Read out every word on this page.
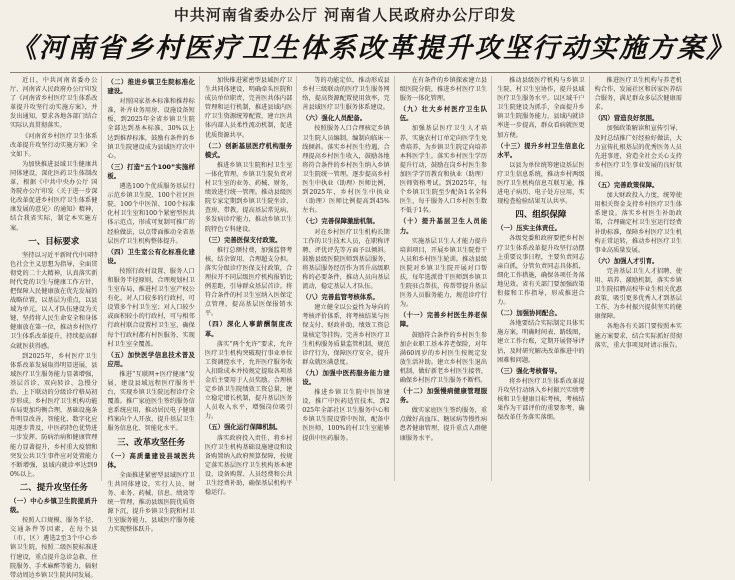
中共河南省委办公厅 河南省人民政府办公厅印发
《河南省乡村医疗卫生体系改革提升攻坚行动实施方案》

近日，中共河南省委办公厅、河南省人民政府办公厅印发了《河南省乡村医疗卫生体系改革提升攻坚行动实施方案》，并发出通知，要求各地各部门结合实际认真贯彻落实。

《河南省乡村医疗卫生体系改革提升攻坚行动实施方案》全文如下。

为加快推进县域卫生健康共同体建设，深化医药卫生体制改革，根据《中共中央办公厅 国务院办公厅印发〈关于进一步深化改革促进乡村医疗卫生体系健康发展的意见〉的通知》精神，结合我省实际，制定本实施方案。

一、目标要求

坚持以习近平新时代中国特色社会主义思想为指导，全面贯彻党的二十大精神，认真落实新时代党的卫生与健康工作方针，把保障人民健康放在优先发展的战略位置，以基层为重点，以县域为单元，以人才队伍建设为关键，坚持将人民生命安全和身体健康放在第一位，推动乡村医疗卫生体系改革提升，持续提高群众就医获得感。

到2025年，乡村医疗卫生体系改革发展取得明显进展，县域医疗卫生服务能力显著增强，基层首诊、双向转诊、急慢分治、上下联动的分级诊疗格局初步形成。乡村医疗卫生机构功能布局更加均衡合理，基础设施条件明显改善，智能化、数字化应用逐步普及，中医药特色优势进一步发挥，防病治病和健康管理能力显著提升，乡村重大疫情和突发公共卫生事件应对处置能力不断增强，县域内就诊率达到90%以上。

二、提升攻坚任务
（一）中心乡镇卫生院提质升级。

按照人口规模、服务半径、交通条件等因素，在每个县（市、区）遴选2至3个中心乡镇卫生院，按照二级医院标准进行建设，重点提升急诊急救、住院服务、手术麻醉等能力，辐射带动周边乡镇卫生院共同发展。

（二）推进乡镇卫生院标准化建设。

对照国家基本标准和推荐标准，补齐业务用房、设施设备短板，到2025年全省乡镇卫生院全部达到基本标准，30%以上达到推荐标准，鼓励有条件的乡镇卫生院建设成为县域医疗次中心。

（三）打造“五个100”实施样板。

遴选100个优质服务基层行示范乡镇卫生院、100个社区医院、100个中医馆、100个标准化村卫生室和100个紧密型医共体示范点，形成可复制可推广的经验做法，以点带面推动全省基层医疗卫生机构整体提升。

（四）卫生室公有化标准化建设。

按照行政村设置、服务人口和服务半径原则，合理规划村卫生室布局，推进村卫生室产权公有化。对人口较多的行政村，可设置多个村卫生室；对人口较少或面积较小的行政村，可与相邻行政村联合设置村卫生室，确保每个行政村都有村医服务，实现村卫生室全覆盖。

（五）加快医学信息技术普及应用。

推进“互联网+医疗健康”发展，建设县域远程医疗服务平台，实现乡镇卫生院远程诊疗全覆盖。推广家庭医生签约服务信息系统应用，推动居民电子健康档案向个人开放，提升基层卫生服务信息化、智能化水平。

三、改革攻坚任务
（一）高质量建设县域医共体。

全面推进紧密型县域医疗卫生共同体建设，实行人员、财务、业务、药械、信息、绩效等统一管理，推动县级医院优质资源下沉，提升乡镇卫生院和村卫生室服务能力，县域医疗服务能力实现整体跃升。

加快推进紧密型县域医疗卫生共同体建设，明确牵头医院和成员单位职责，完善医共体内部管理和运行机制，推进县域内医疗卫生资源统筹配置，建立医共体内部人员柔性流动机制，促进优质资源共享。

（二）创新基层医疗机构服务模式。

推进乡镇卫生院和村卫生室一体化管理，乡镇卫生院负责对村卫生室的业务、药械、财务、绩效进行统一管理。推动县级医院专家定期到乡镇卫生院坐诊、查房、带教，提高基层常见病、多发病诊疗能力，推动乡镇卫生院特色专科建设。

（三）完善医保支付政策。

推行总额付费，加强监督考核，结余留用、合理超支分担。落实分级诊疗医保支付政策，合理拉开不同层级医疗机构报销比例差距，引导群众基层首诊。将符合条件的村卫生室纳入医保定点管理，提高基层医保报销水平。

（四）深化人事薪酬制度改革。

落实“两个允许”要求，允许医疗卫生机构突破现行事业单位工资调控水平，允许医疗服务收入扣除成本并按规定提取各项基金后主要用于人员奖励。合理核定乡镇卫生院绩效工资总量，建立稳定增长机制，提升基层医务人员收入水平，增强岗位吸引力。

（五）强化运行保障机制。

落实政府投入责任，将乡村医疗卫生机构基础设施建设和设备购置纳入政府预算保障，按规定落实基层医疗卫生机构基本建设、设备购置、人员经费和公共卫生经费补助，确保基层机构平稳运行。

等的功能定位，推动形成县乡村三级联动的医疗卫生服务网络，提高资源配置使用效率，完善县域医疗卫生服务体系建设。

（六）强化人员配备。

按照服务人口合理核定乡镇卫生院人员编制，编制向临床一线倾斜。落实乡村医生待遇，合理提高乡村医生收入，鼓励各地将符合条件的乡村医生纳入乡镇卫生院统一管理。逐步提高乡村医生中执业（助理）医师比例，到2025年，乡村医生中执业（助理）医师比例提高到45%左右。

（七）完善保障激励机制。

对在乡村医疗卫生机构长期工作的卫生技术人员，在职称评聘、评优评先等方面予以倾斜。鼓励县级医院医师到基层服务，将基层服务经历作为晋升高级职称的必要条件，推动人员向基层流动，稳定基层人才队伍。

（八）完善监管考核体系。

建立健全以公益性为导向的考核评价体系，将考核结果与医保支付、财政补助、绩效工资总量核定等挂钩。完善乡村医疗卫生机构服务质量监管机制，规范诊疗行为，保障医疗安全，提升群众就医满意度。

（九）加强中医药服务能力建设。

推进乡镇卫生院中医馆建设，推广中医药适宜技术，到2025年全部社区卫生服务中心和乡镇卫生院设置中医馆，配备中医医师，100%的村卫生室能够提供中医药服务。

在有条件的乡镇探索建立县级医院分院，推进乡村医疗卫生服务一体化管理。

（九）壮大乡村医疗卫生队伍。

加强基层医疗卫生人才培养，实施农村订单定向医学生免费培养，为乡镇卫生院定向培养本科医学生。落实乡村医生学历提升行动，鼓励在岗乡村医生参加医学学历教育和执业（助理）医师资格考试。到2025年，每个乡镇卫生院至少配备1名全科医生，每千服务人口乡村医生数不低于1名。

（十）提升基层卫生人员能力。

实施基层卫生人才能力提升培训项目，开展乡镇卫生院骨干人员和乡村医生轮训。推动县级医院对乡镇卫生院开展对口帮扶，每年选派骨干医师到乡镇卫生院驻点帮扶，传帮带提升基层医务人员服务能力，规范诊疗行为。

（十一）完善乡村医生养老保障。

鼓励符合条件的乡村医生参加企业职工基本养老保险，对年满60周岁的乡村医生按规定发放生活补助。建立乡村医生退出机制，做好新老乡村医生接替，确保乡村医疗卫生服务不断档。

（十二）加强慢病健康管理服务。

做实家庭医生签约服务，重点做好高血压、糖尿病等慢性病患者健康管理，提升重点人群健康服务水平。

推动县级医疗机构与乡镇卫生院、村卫生室协作，提升县域医疗卫生服务水平。以区域千户卫生院建设为抓手，全面提升乡镇卫生院服务能力，县域内就诊率进一步提高，群众看病就医更加方便。

（十三）提升乡村卫生信息化水平。

以县为单位统筹建设基层医疗卫生信息系统，推动乡村两级医疗卫生机构信息互联互通，推进电子病历、电子处方应用，实现检查检验结果互认共享。

四、组织保障
（一）压实主体责任。

各级党委和政府要把乡村医疗卫生体系改革提升攻坚行动摆上重要议事日程，主要负责同志亲自抓，分管负责同志具体抓，细化工作措施，确保各项任务落地见效。省有关部门要加强政策衔接和工作指导，形成推进合力。

（二）加强协同配合。

各地要结合实际制定具体实施方案，明确时间表、路线图，建立工作台账，定期开展督导评估，及时研究解决改革推进中的困难和问题。

（三）强化考核督导。

将乡村医疗卫生体系改革提升攻坚行动纳入乡村振兴实绩考核和卫生健康目标考核，考核结果作为干部评价的重要参考，确保改革任务落实落细。

推进医疗卫生机构与养老机构合作，发展社区和居家医养结合服务，满足群众多层次健康需求。

（四）营造良好氛围。

加强政策解读和宣传引导，及时总结推广好经验好做法，大力宣传扎根基层的优秀医务人员先进事迹，营造全社会关心支持乡村医疗卫生事业发展的良好氛围。

（五）完善政策保障。

加大财政投入力度，统筹使用相关资金支持乡村医疗卫生体系建设。落实乡村医生补助政策，合理确定村卫生室运行经费补助标准，保障乡村医疗卫生机构正常运转，推动乡村医疗卫生事业高质量发展。

（六）加强人才引育。

完善基层卫生人才招聘、使用、培养、激励机制，落实乡镇卫生院招聘高校毕业生相关优惠政策，吸引更多优秀人才到基层工作，为乡村振兴提供坚实的健康保障。

各地各有关部门要按照本实施方案要求，结合实际抓好贯彻落实，重大事项及时请示报告。
